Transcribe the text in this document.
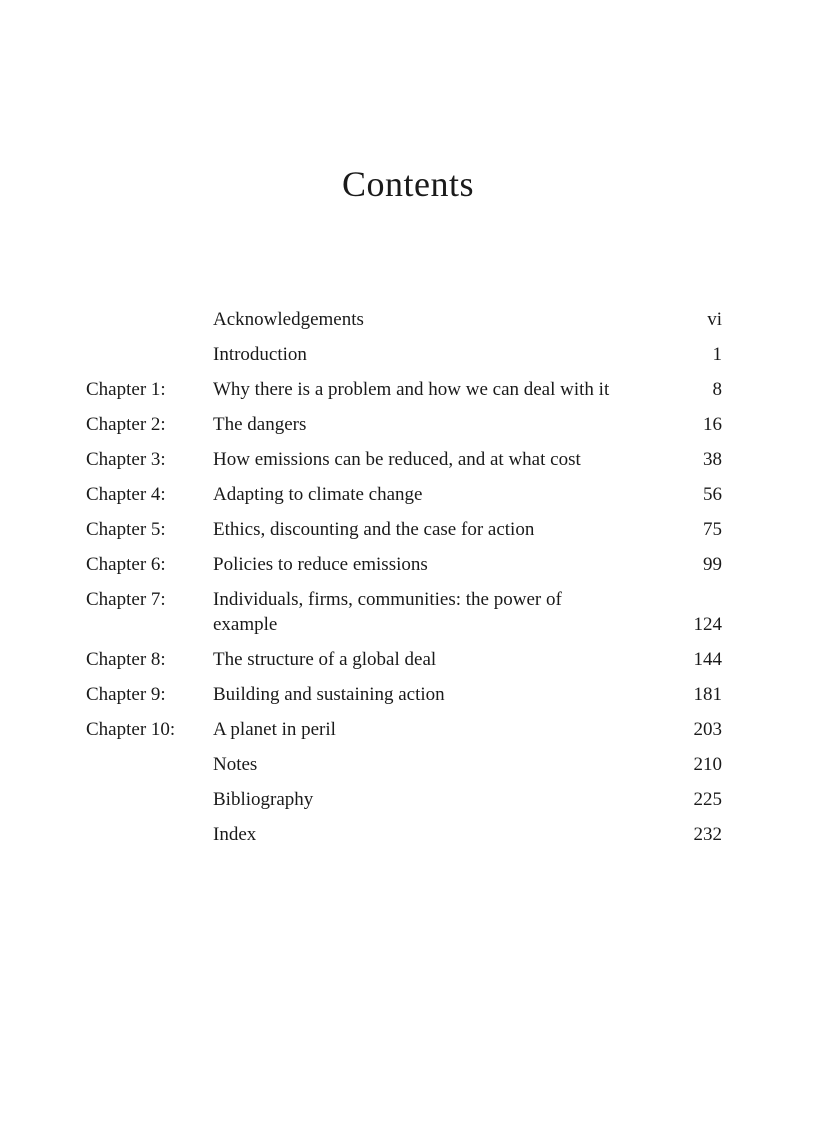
Contents
Acknowledgements	vi
Introduction	1
Chapter 1:	Why there is a problem and how we can deal with it	8
Chapter 2:	The dangers	16
Chapter 3:	How emissions can be reduced, and at what cost	38
Chapter 4:	Adapting to climate change	56
Chapter 5:	Ethics, discounting and the case for action	75
Chapter 6:	Policies to reduce emissions	99
Chapter 7:	Individuals, firms, communities: the power of example	124
Chapter 8:	The structure of a global deal	144
Chapter 9:	Building and sustaining action	181
Chapter 10:	A planet in peril	203
Notes	210
Bibliography	225
Index	232
